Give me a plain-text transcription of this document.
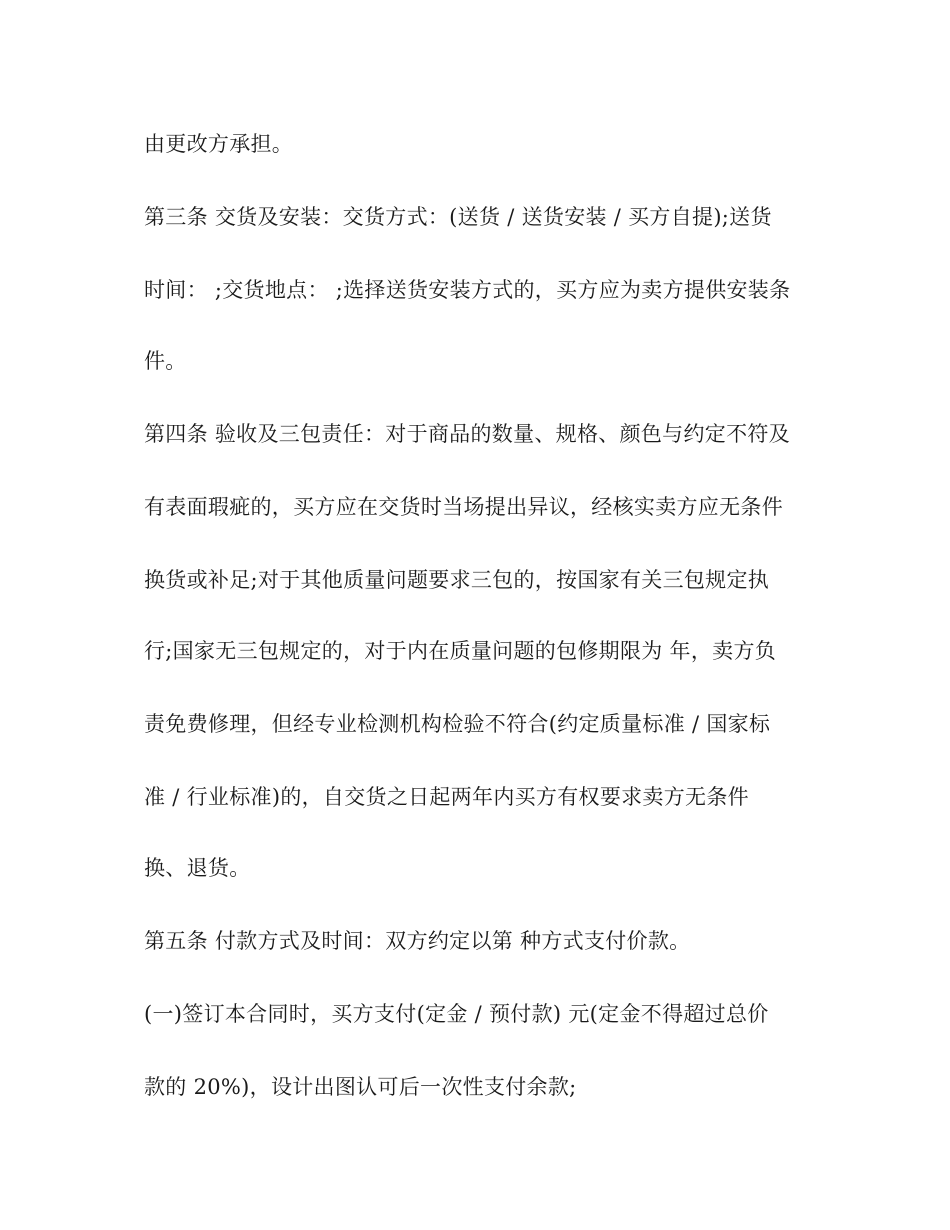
由更改方承担。
第三条 交货及安装：交货方式：(送货 / 送货安装 / 买方自提);送货
时间： ;交货地点： ;选择送货安装方式的，买方应为卖方提供安装条
件。
第四条 验收及三包责任：对于商品的数量、规格、颜色与约定不符及
有表面瑕疵的，买方应在交货时当场提出异议，经核实卖方应无条件
换货或补足;对于其他质量问题要求三包的，按国家有关三包规定执
行;国家无三包规定的，对于内在质量问题的包修期限为 年，卖方负
责免费修理，但经专业检测机构检验不符合(约定质量标准 / 国家标
准 / 行业标准)的，自交货之日起两年内买方有权要求卖方无条件
换、退货。
第五条 付款方式及时间：双方约定以第 种方式支付价款。
(一)签订本合同时，买方支付(定金 / 预付款) 元(定金不得超过总价
款的 20%)，设计出图认可后一次性支付余款;
